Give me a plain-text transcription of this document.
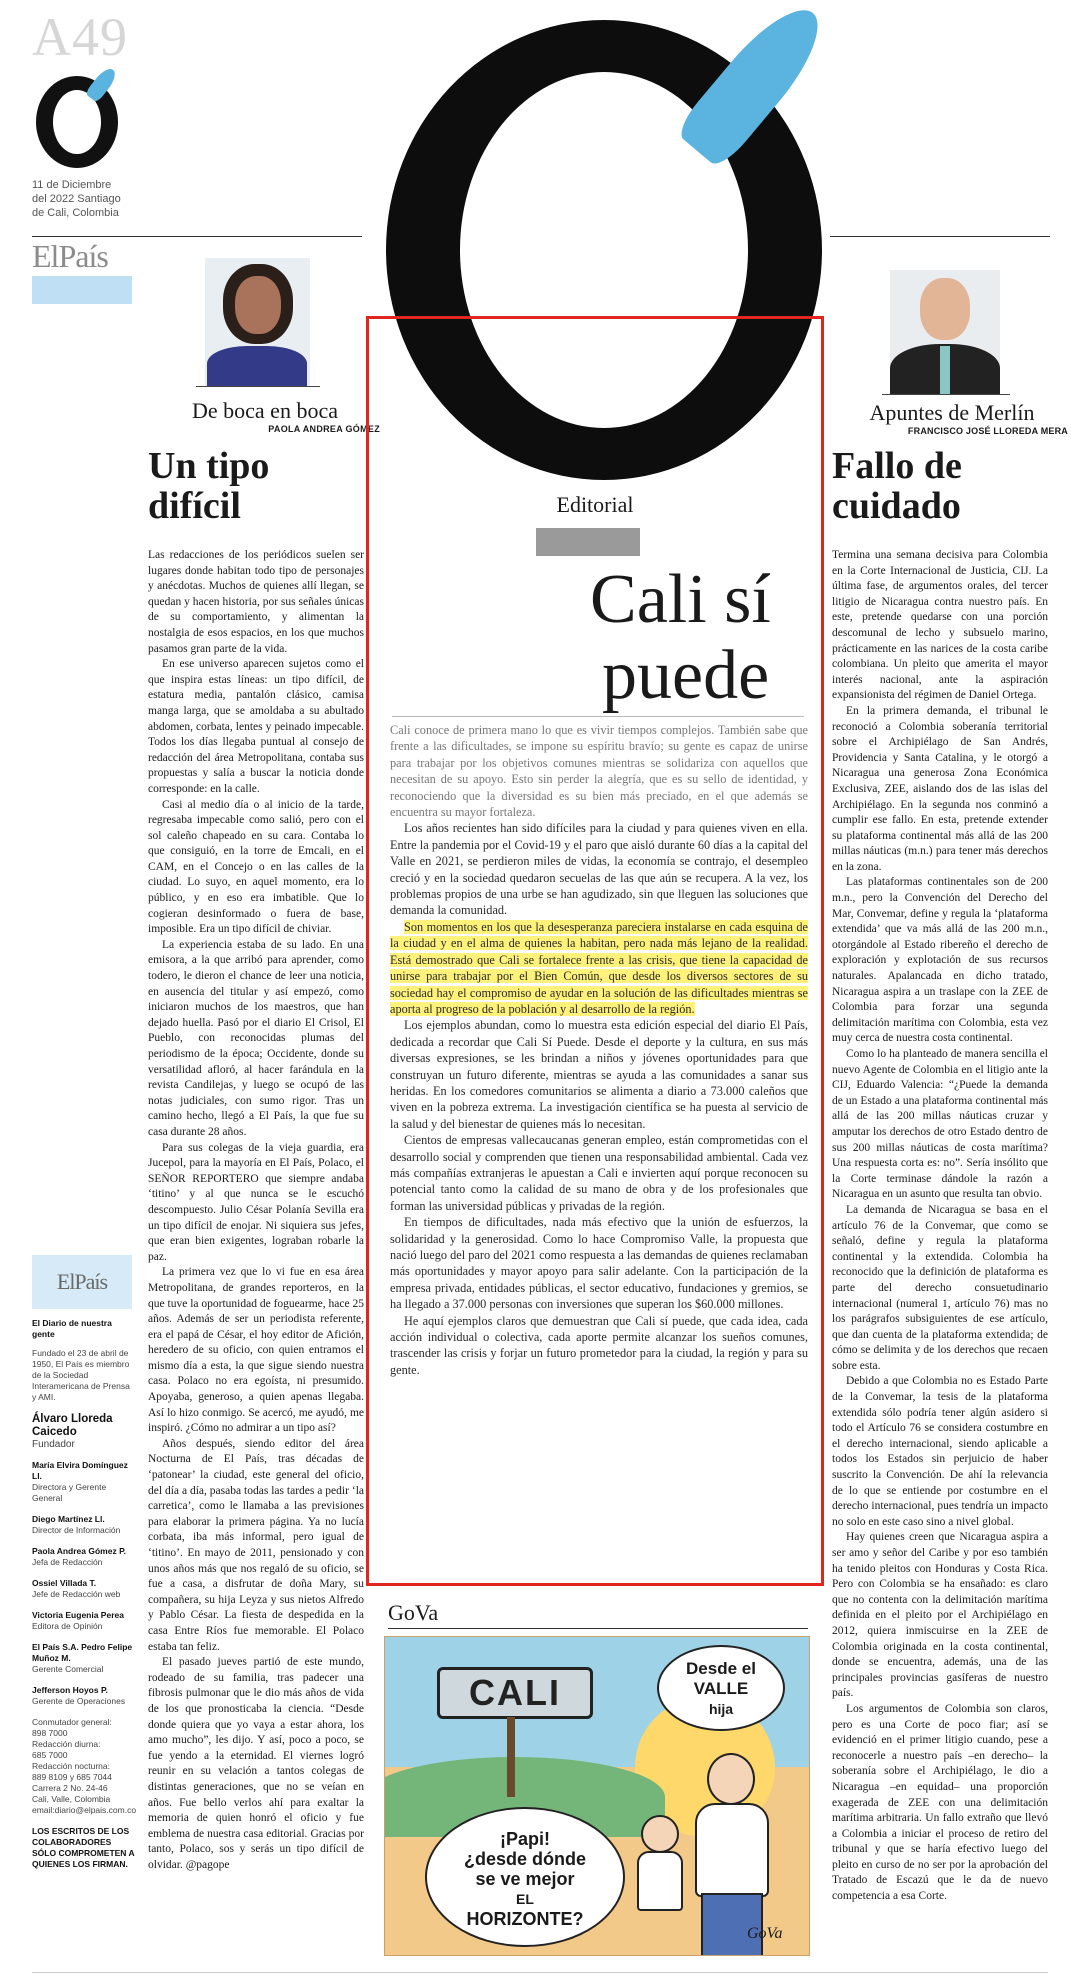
A49
11 de Diciembre
del 2022 Santiago
de Cali, Colombia
ElPaís
De boca en boca
PAOLA ANDREA GÓMEZ
Un tipo
difícil

Las redacciones de los periódicos suelen ser lugares donde habitan todo tipo de personajes y anécdotas. Muchos de quienes allí llegan, se quedan y hacen historia, por sus señales únicas de su comportamiento, y alimentan la nostalgia de esos espacios, en los que muchos pasamos gran parte de la vida.

En ese universo aparecen sujetos como el que inspira estas líneas: un tipo difícil, de estatura media, pantalón clásico, camisa manga larga, que se amoldaba a su abultado abdomen, corbata, lentes y peinado impecable. Todos los días llegaba puntual al consejo de redacción del área Metropolitana, contaba sus propuestas y salía a buscar la noticia donde corresponde: en la calle.

Casi al medio día o al inicio de la tarde, regresaba impecable como salió, pero con el sol caleño chapeado en su cara. Contaba lo que consiguió, en la torre de Emcali, en el CAM, en el Concejo o en las calles de la ciudad. Lo suyo, en aquel momento, era lo público, y en eso era imbatible. Que lo cogieran desinformado o fuera de base, imposible. Era un tipo difícil de chiviar.

La experiencia estaba de su lado. En una emisora, a la que arribó para aprender, como todero, le dieron el chance de leer una noticia, en ausencia del titular y así empezó, como iniciaron muchos de los maestros, que han dejado huella. Pasó por el diario El Crisol, El Pueblo, con reconocidas plumas del periodismo de la época; Occidente, donde su versatilidad afloró, al hacer farándula en la revista Candilejas, y luego se ocupó de las notas judiciales, con sumo rigor. Tras un camino hecho, llegó a El País, la que fue su casa durante 28 años.

Para sus colegas de la vieja guardia, era Jucepol, para la mayoría en El País, Polaco, el SEÑOR REPORTERO que siempre andaba ‘titino’ y al que nunca se le escuchó descompuesto. Julio César Polanía Sevilla era un tipo difícil de enojar. Ni siquiera sus jefes, que eran bien exigentes, lograban robarle la paz.

La primera vez que lo vi fue en esa área Metropolitana, de grandes reporteros, en la que tuve la oportunidad de foguearme, hace 25 años. Además de ser un periodista referente, era el papá de César, el hoy editor de Afición, heredero de su oficio, con quien entramos el mismo día a esta, la que sigue siendo nuestra casa. Polaco no era egoísta, ni presumido. Apoyaba, generoso, a quien apenas llegaba. Así lo hizo conmigo. Se acercó, me ayudó, me inspiró. ¿Cómo no admirar a un tipo así?

Años después, siendo editor del área Nocturna de El País, tras décadas de ‘patonear’ la ciudad, este general del oficio, del día a día, pasaba todas las tardes a pedir ‘la carretica’, como le llamaba a las previsiones para elaborar la primera página. Ya no lucía corbata, iba más informal, pero igual de ‘titino’. En mayo de 2011, pensionado y con unos años más que nos regaló de su oficio, se fue a casa, a disfrutar de doña Mary, su compañera, su hija Leyza y sus nietos Alfredo y Pablo César. La fiesta de despedida en la casa Entre Ríos fue memorable. El Polaco estaba tan feliz.

El pasado jueves partió de este mundo, rodeado de su familia, tras padecer una fibrosis pulmonar que le dio más años de vida de los que pronosticaba la ciencia. “Desde donde quiera que yo vaya a estar ahora, los amo mucho”, les dijo. Y así, poco a poco, se fue yendo a la eternidad. El viernes logró reunir en su velación a tantos colegas de distintas generaciones, que no se veían en años. Fue bello verlos ahí para exaltar la memoria de quien honró el oficio y fue emblema de nuestra casa editorial. Gracias por tanto, Polaco, sos y serás un tipo difícil de olvidar. @pagope

ElPaís

El Diario de nuestra gente

Fundado el 23 de abril de 1950, El País es miembro de la Sociedad Interamericana de Prensa y AMI.

Álvaro Lloreda Caicedo

Fundador

María Elvira Domínguez Ll.

Directora y Gerente General

Diego Martínez Ll.

Director de Información

Paola Andrea Gómez P.

Jefa de Redacción

Ossiel Villada T.

Jefe de Redacción web

Victoria Eugenia Perea

Editora de Opinión

El País S.A. Pedro Felipe Muñoz M.

Gerente Comercial

Jefferson Hoyos P.

Gerente de Operaciones

Conmutador general:

898 7000

Redacción diurna:

685 7000

Redacción nocturna:

889 8109 y 685 7044

Carrera 2 No. 24-46

Cali, Valle, Colombia

email:diario@elpais.com.co

LOS ESCRITOS DE LOS COLABORADORES SÓLO COMPROMETEN A QUIENES LOS FIRMAN.

Editorial
Cali sí
puede

Cali conoce de primera mano lo que es vivir tiempos complejos. También sabe que frente a las dificultades, se impone su espíritu bravío; su gente es capaz de unirse para trabajar por los objetivos comunes mientras se solidariza con aquellos que necesitan de su apoyo. Esto sin perder la alegría, que es su sello de identidad, y reconociendo que la diversidad es su bien más preciado, en el que además se encuentra su mayor fortaleza.

Los años recientes han sido difíciles para la ciudad y para quienes viven en ella. Entre la pandemia por el Covid-19 y el paro que aisló durante 60 días a la capital del Valle en 2021, se perdieron miles de vidas, la economía se contrajo, el desempleo creció y en la sociedad quedaron secuelas de las que aún se recupera. A la vez, los problemas propios de una urbe se han agudizado, sin que lleguen las soluciones que demanda la comunidad.

Son momentos en los que la desesperanza pareciera instalarse en cada esquina de la ciudad y en el alma de quienes la habitan, pero nada más lejano de la realidad. Está demostrado que Cali se fortalece frente a las crisis, que tiene la capacidad de unirse para trabajar por el Bien Común, que desde los diversos sectores de su sociedad hay el compromiso de ayudar en la solución de las dificultades mientras se aporta al progreso de la población y al desarrollo de la región.

Los ejemplos abundan, como lo muestra esta edición especial del diario El País, dedicada a recordar que Cali Sí Puede. Desde el deporte y la cultura, en sus más diversas expresiones, se les brindan a niños y jóvenes oportunidades para que construyan un futuro diferente, mientras se ayuda a las comunidades a sanar sus heridas. En los comedores comunitarios se alimenta a diario a 73.000 caleños que viven en la pobreza extrema. La investigación científica se ha puesta al servicio de la salud y del bienestar de quienes más lo necesitan.

Cientos de empresas vallecaucanas generan empleo, están comprometidas con el desarrollo social y comprenden que tienen una responsabilidad ambiental. Cada vez más compañías extranjeras le apuestan a Cali e invierten aquí porque reconocen su potencial tanto como la calidad de su mano de obra y de los profesionales que forman las universidad públicas y privadas de la región.

En tiempos de dificultades, nada más efectivo que la unión de esfuerzos, la solidaridad y la generosidad. Como lo hace Compromiso Valle, la propuesta que nació luego del paro del 2021 como respuesta a las demandas de quienes reclamaban más oportunidades y mayor apoyo para salir adelante. Con la participación de la empresa privada, entidades públicas, el sector educativo, fundaciones y gremios, se ha llegado a 37.000 personas con inversiones que superan los $60.000 millones.

He aquí ejemplos claros que demuestran que Cali sí puede, que cada idea, cada acción individual o colectiva, cada aporte permite alcanzar los sueños comunes, trascender las crisis y forjar un futuro prometedor para la ciudad, la región y para su gente.

GoVa
CALI
Desde el
VALLE
hija
¡Papi!
¿desde dónde
se ve mejor
EL
HORIZONTE?
GoVa
Apuntes de Merlín
FRANCISCO JOSÉ LLOREDA MERA
Fallo de
cuidado

Termina una semana decisiva para Colombia en la Corte Internacional de Justicia, CIJ. La última fase, de argumentos orales, del tercer litigio de Nicaragua contra nuestro país. En este, pretende quedarse con una porción descomunal de lecho y subsuelo marino, prácticamente en las narices de la costa caribe colombiana. Un pleito que amerita el mayor interés nacional, ante la aspiración expansionista del régimen de Daniel Ortega.

En la primera demanda, el tribunal le reconoció a Colombia soberanía territorial sobre el Archipiélago de San Andrés, Providencia y Santa Catalina, y le otorgó a Nicaragua una generosa Zona Económica Exclusiva, ZEE, aislando dos de las islas del Archipiélago. En la segunda nos conminó a cumplir ese fallo. En esta, pretende extender su plataforma continental más allá de las 200 millas náuticas (m.n.) para tener más derechos en la zona.

Las plataformas continentales son de 200 m.n., pero la Convención del Derecho del Mar, Convemar, define y regula la ‘plataforma extendida’ que va más allá de las 200 m.n., otorgándole al Estado ribereño el derecho de exploración y explotación de sus recursos naturales. Apalancada en dicho tratado, Nicaragua aspira a un traslape con la ZEE de Colombia para forzar una segunda delimitación marítima con Colombia, esta vez muy cerca de nuestra costa continental.

Como lo ha planteado de manera sencilla el nuevo Agente de Colombia en el litigio ante la CIJ, Eduardo Valencia: “¿Puede la demanda de un Estado a una plataforma continental más allá de las 200 millas náuticas cruzar y amputar los derechos de otro Estado dentro de sus 200 millas náuticas de costa marítima? Una respuesta corta es: no”. Sería insólito que la Corte terminase dándole la razón a Nicaragua en un asunto que resulta tan obvio.

La demanda de Nicaragua se basa en el artículo 76 de la Convemar, que como se señaló, define y regula la plataforma continental y la extendida. Colombia ha reconocido que la definición de plataforma es parte del derecho consuetudinario internacional (numeral 1, artículo 76) mas no los parágrafos subsiguientes de ese artículo, que dan cuenta de la plataforma extendida; de cómo se delimita y de los derechos que recaen sobre esta.

Debido a que Colombia no es Estado Parte de la Convemar, la tesis de la plataforma extendida sólo podría tener algún asidero si todo el Artículo 76 se considera costumbre en el derecho internacional, siendo aplicable a todos los Estados sin perjuicio de haber suscrito la Convención. De ahí la relevancia de lo que se entiende por costumbre en el derecho internacional, pues tendría un impacto no solo en este caso sino a nivel global.

Hay quienes creen que Nicaragua aspira a ser amo y señor del Caribe y por eso también ha tenido pleitos con Honduras y Costa Rica. Pero con Colombia se ha ensañado: es claro que no contenta con la delimitación marítima definida en el pleito por el Archipiélago en 2012, quiera inmiscuirse en la ZEE de Colombia originada en la costa continental, donde se encuentra, además, una de las principales provincias gasíferas de nuestro país.

Los argumentos de Colombia son claros, pero es una Corte de poco fiar; así se evidenció en el primer litigio cuando, pese a reconocerle a nuestro país –en derecho– la soberanía sobre el Archipiélago, le dio a Nicaragua –en equidad– una proporción exagerada de ZEE con una delimitación marítima arbitraria. Un fallo extraño que llevó a Colombia a iniciar el proceso de retiro del tribunal y que se haría efectivo luego del pleito en curso de no ser por la aprobación del Tratado de Escazú que le da de nuevo competencia a esa Corte.
